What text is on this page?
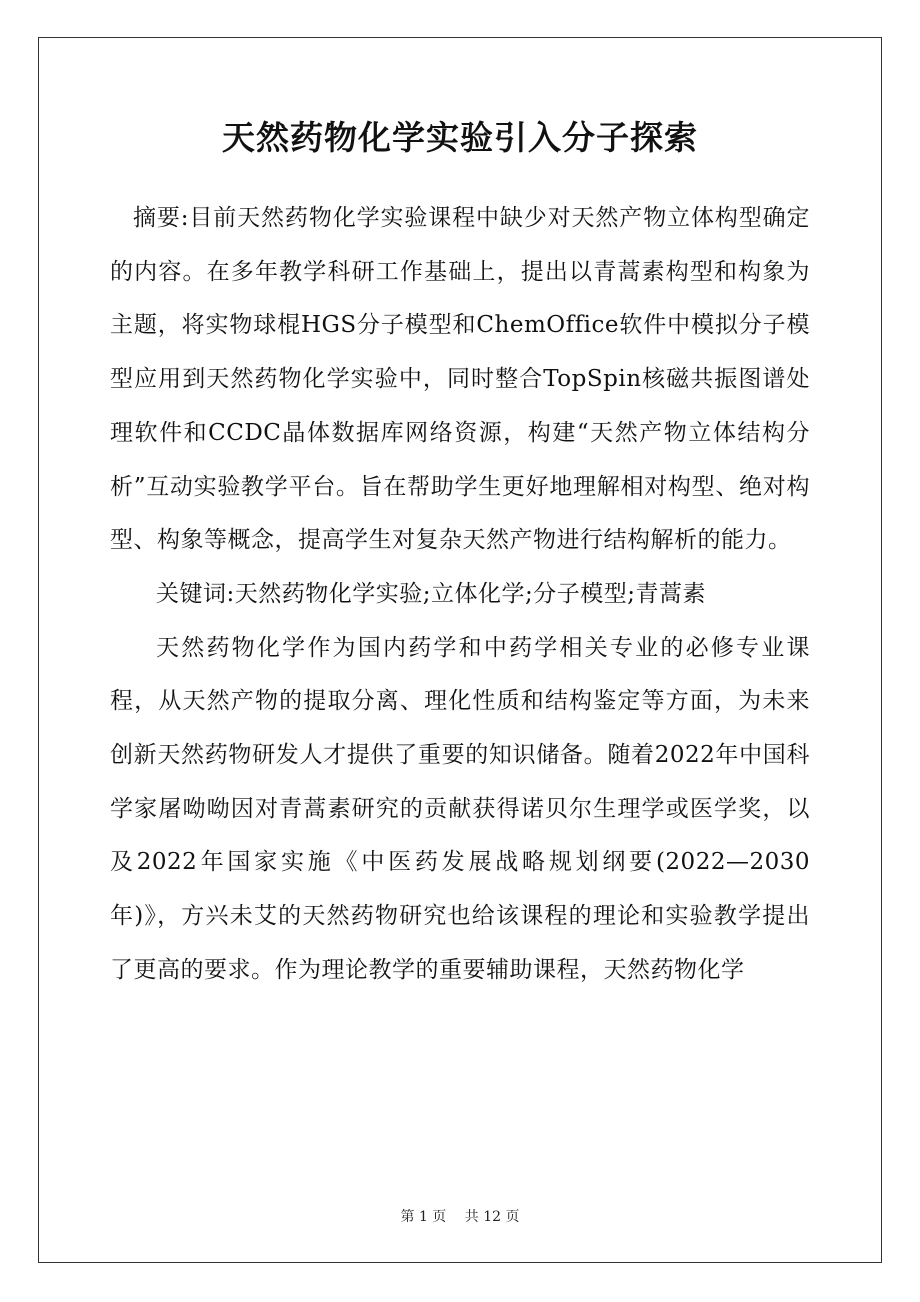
天然药物化学实验引入分子探索

摘要:目前天然药物化学实验课程中缺少对天然产物立体构型确定的内容。在多年教学科研工作基础上，提出以青蒿素构型和构象为主题，将实物球棍HGS分子模型和ChemOffice软件中模拟分子模型应用到天然药物化学实验中，同时整合TopSpin核磁共振图谱处理软件和CCDC晶体数据库网络资源，构建“天然产物立体结构分析”互动实验教学平台。旨在帮助学生更好地理解相对构型、绝对构型、构象等概念，提高学生对复杂天然产物进行结构解析的能力。

关键词:天然药物化学实验;立体化学;分子模型;青蒿素

天然药物化学作为国内药学和中药学相关专业的必修专业课程，从天然产物的提取分离、理化性质和结构鉴定等方面，为未来创新天然药物研发人才提供了重要的知识储备。随着2022年中国科学家屠呦呦因对青蒿素研究的贡献获得诺贝尔生理学或医学奖，以及2022年国家实施《中医药发展战略规划纲要(2022—2030年)》，方兴未艾的天然药物研究也给该课程的理论和实验教学提出了更高的要求。作为理论教学的重要辅助课程，天然药物化学

第 1 页 共 12 页
